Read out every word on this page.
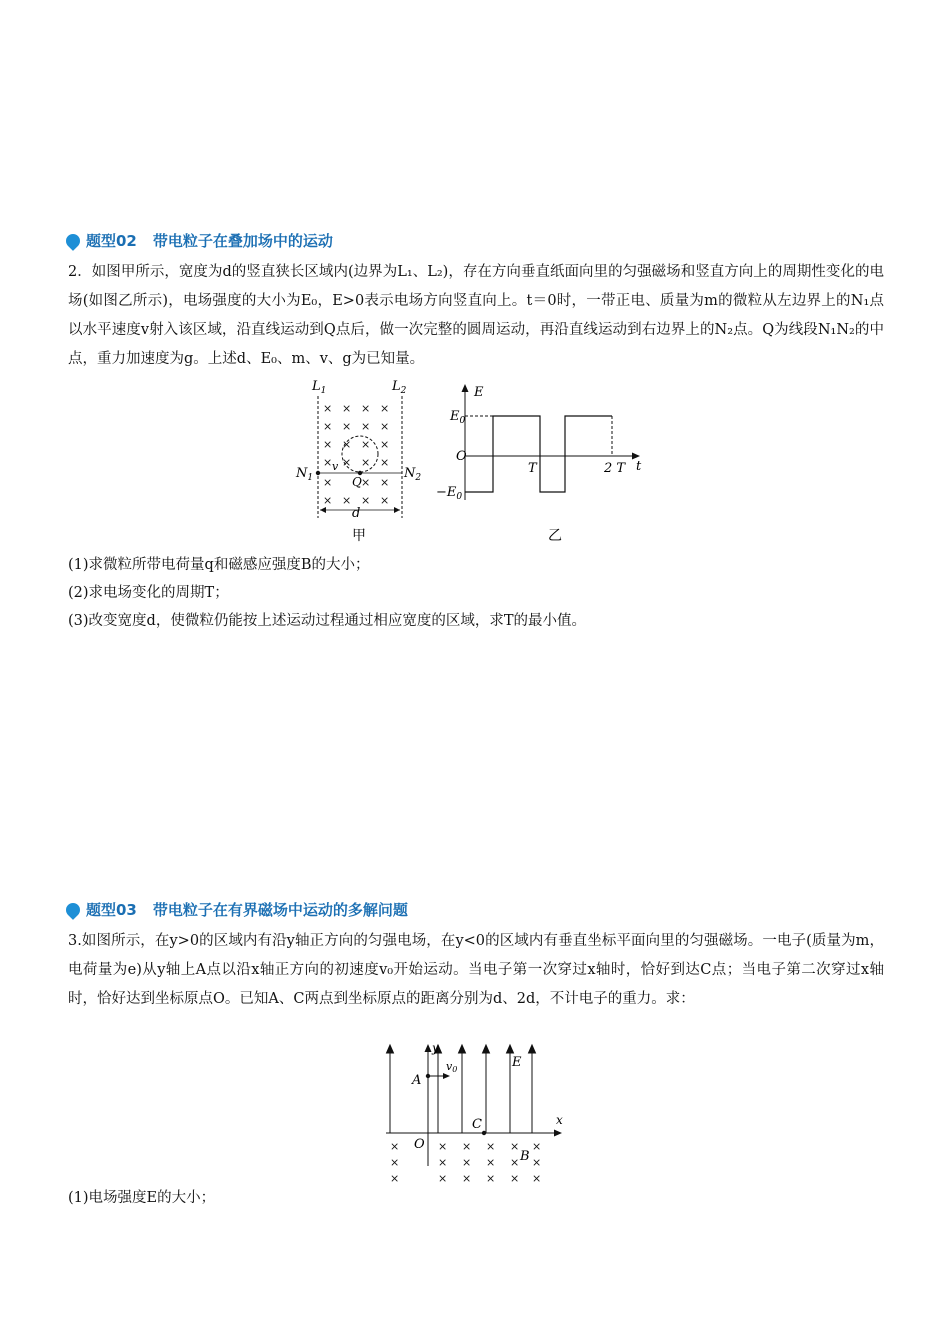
题型02 带电粒子在叠加场中的运动
2．如图甲所示，宽度为d的竖直狭长区域内(边界为L₁、L₂)，存在方向垂直纸面向里的匀强磁场和竖直方向上的周期性变化的电场(如图乙所示)，电场强度的大小为E₀，E>0表示电场方向竖直向上。t＝0时，一带正电、质量为m的微粒从左边界上的N₁点以水平速度v射入该区域，沿直线运动到Q点后，做一次完整的圆周运动，再沿直线运动到右边界上的N₂点。Q为线段N₁N₂的中点，重力加速度为g。上述d、E₀、m、v、g为已知量。
$L_1$	$L_2$
$N_1$	$N_2$
d
× × × ×
× × × ×
× × × ×
× × × ×
×	× ×
× × × ×
v
Q
甲
E
$E_0$
O
$-E_0$
T	2 T t
乙
(1)求微粒所带电荷量q和磁感应强度B的大小；
(2)求电场变化的周期T；
(3)改变宽度d，使微粒仍能按上述运动过程通过相应宽度的区域，求T的最小值。
题型03 带电粒子在有界磁场中运动的多解问题
3.如图所示，在y>0的区域内有沿y轴正方向的匀强电场，在y<0的区域内有垂直坐标平面向里的匀强磁场。一电子(质量为m，电荷量为e)从y轴上A点以沿x轴正方向的初速度v₀开始运动。当电子第一次穿过x轴时，恰好到达C点；当电子第二次穿过x轴时，恰好达到坐标原点O。已知A、C两点到坐标原点的距离分别为d、2d，不计电子的重力。求：
×	× × × × ×
×	× × × × ×
×	× × × × ×
y
x
A
v0	E
C
O
B
(1)电场强度E的大小；
